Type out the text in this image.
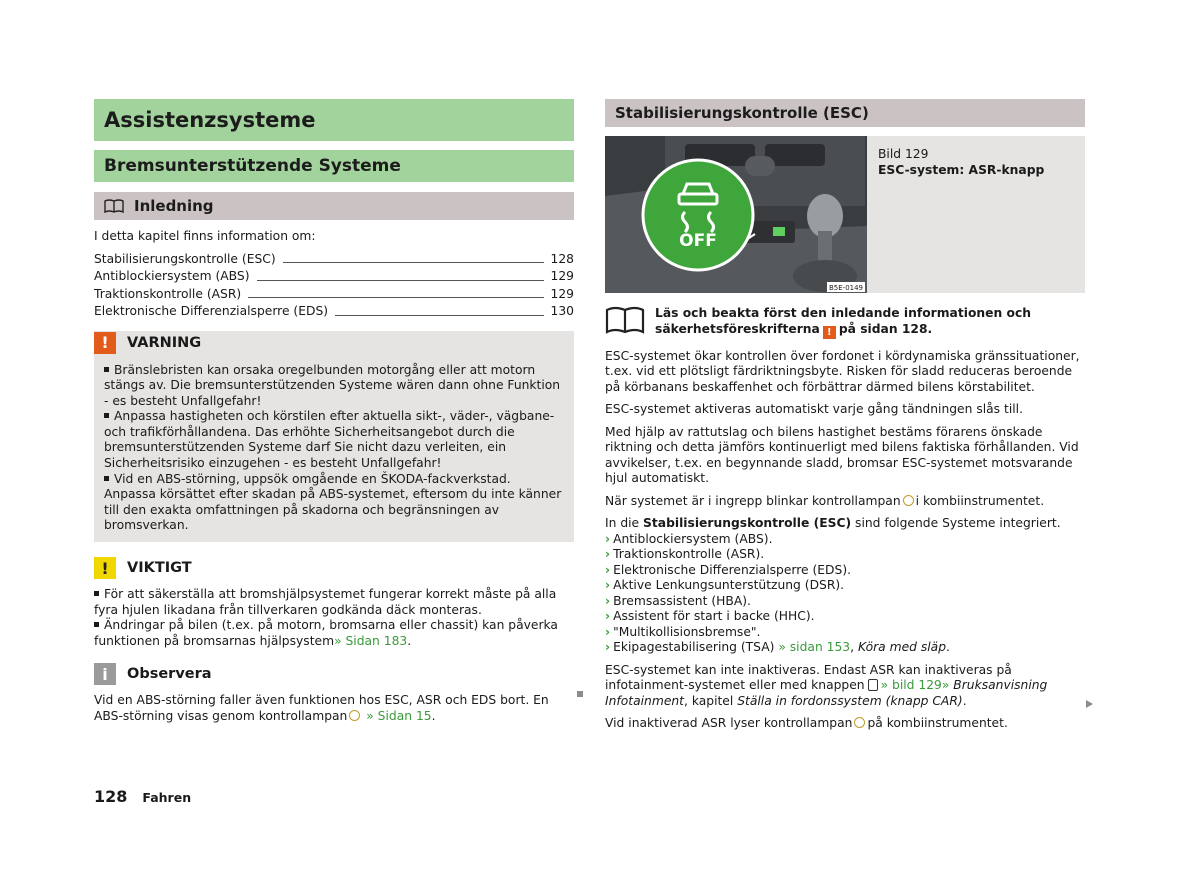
Assistenzsysteme
Bremsunterstützende Systeme
Inledning

I detta kapitel finns information om:

Stabilisierungskontrolle (ESC)	128
Antiblockiersystem (ABS)	129
Traktionskontrolle (ASR)	129
Elektronische Differenzialsperre (EDS)	130
!	VARNING
Bränslebristen kan orsaka oregelbunden motorgång eller att motorn stängs av. Die bremsunterstützenden Systeme wären dann ohne Funktion - es besteht Unfallgefahr!
Anpassa hastigheten och körstilen efter aktuella sikt-, väder-, vägbane- och trafikförhållandena. Das erhöhte Sicherheitsangebot durch die bremsunterstützenden Systeme darf Sie nicht dazu verleiten, ein Sicherheitsrisiko einzugehen - es besteht Unfallgefahr!
Vid en ABS-störning, uppsök omgående en ŠKODA-fackverkstad. Anpassa körsättet efter skadan på ABS-systemet, eftersom du inte känner till den exakta omfattningen på skadorna och begränsningen av bromsverkan.
!	VIKTIGT
För att säkerställa att bromshjälpsystemet fungerar korrekt måste på alla fyra hjulen likadana från tillverkaren godkända däck monteras.
Ändringar på bilen (t.ex. på motorn, bromsarna eller chassit) kan påverka funktionen på bromsarnas hjälpsystem» Sidan 183.
i	Observera
Vid en ABS-störning faller även funktionen hos ESC, ASR och EDS bort. En ABS-störning visas genom kontrollampan » Sidan 15.
Stabilisierungskontrolle (ESC)
OFF
B5E-0149
Bild 129
ESC-system: ASR-knapp
Läs och beakta först den inledande informationen och säkerhetsföreskrifterna ! på sidan 128.

ESC-systemet ökar kontrollen över fordonet i kördynamiska gränssituationer, t.ex. vid ett plötsligt färdriktningsbyte. Risken för sladd reduceras beroende på körbanans beskaffenhet och förbättrar därmed bilens körstabilitet.

ESC-systemet aktiveras automatiskt varje gång tändningen slås till.

Med hjälp av rattutslag och bilens hastighet bestäms förarens önskade riktning och detta jämförs kontinuerligt med bilens faktiska förhållanden. Vid avvikelser, t.ex. en begynnande sladd, bromsar ESC-systemet motsvarande hjul automatiskt.

När systemet är i ingrepp blinkar kontrollampan i kombiinstrumentet.

In die Stabilisierungskontrolle (ESC) sind folgende Systeme integriert.

› Antiblockiersystem (ABS).
› Traktionskontrolle (ASR).
› Elektronische Differenzialsperre (EDS).
› Aktive Lenkungsunterstützung (DSR).
› Bremsassistent (HBA).
› Assistent för start i backe (HHC).
› "Multikollisionsbremse".
› Ekipagestabilisering (TSA) » sidan 153, Köra med släp.

ESC-systemet kan inte inaktiveras. Endast ASR kan inaktiveras på infotainment-systemet eller med knappen » bild 129» Bruksanvisning Infotainment, kapitel Ställa in fordonssystem (knapp CAR).

Vid inaktiverad ASR lyser kontrollampan på kombiinstrumentet.

128 Fahren
